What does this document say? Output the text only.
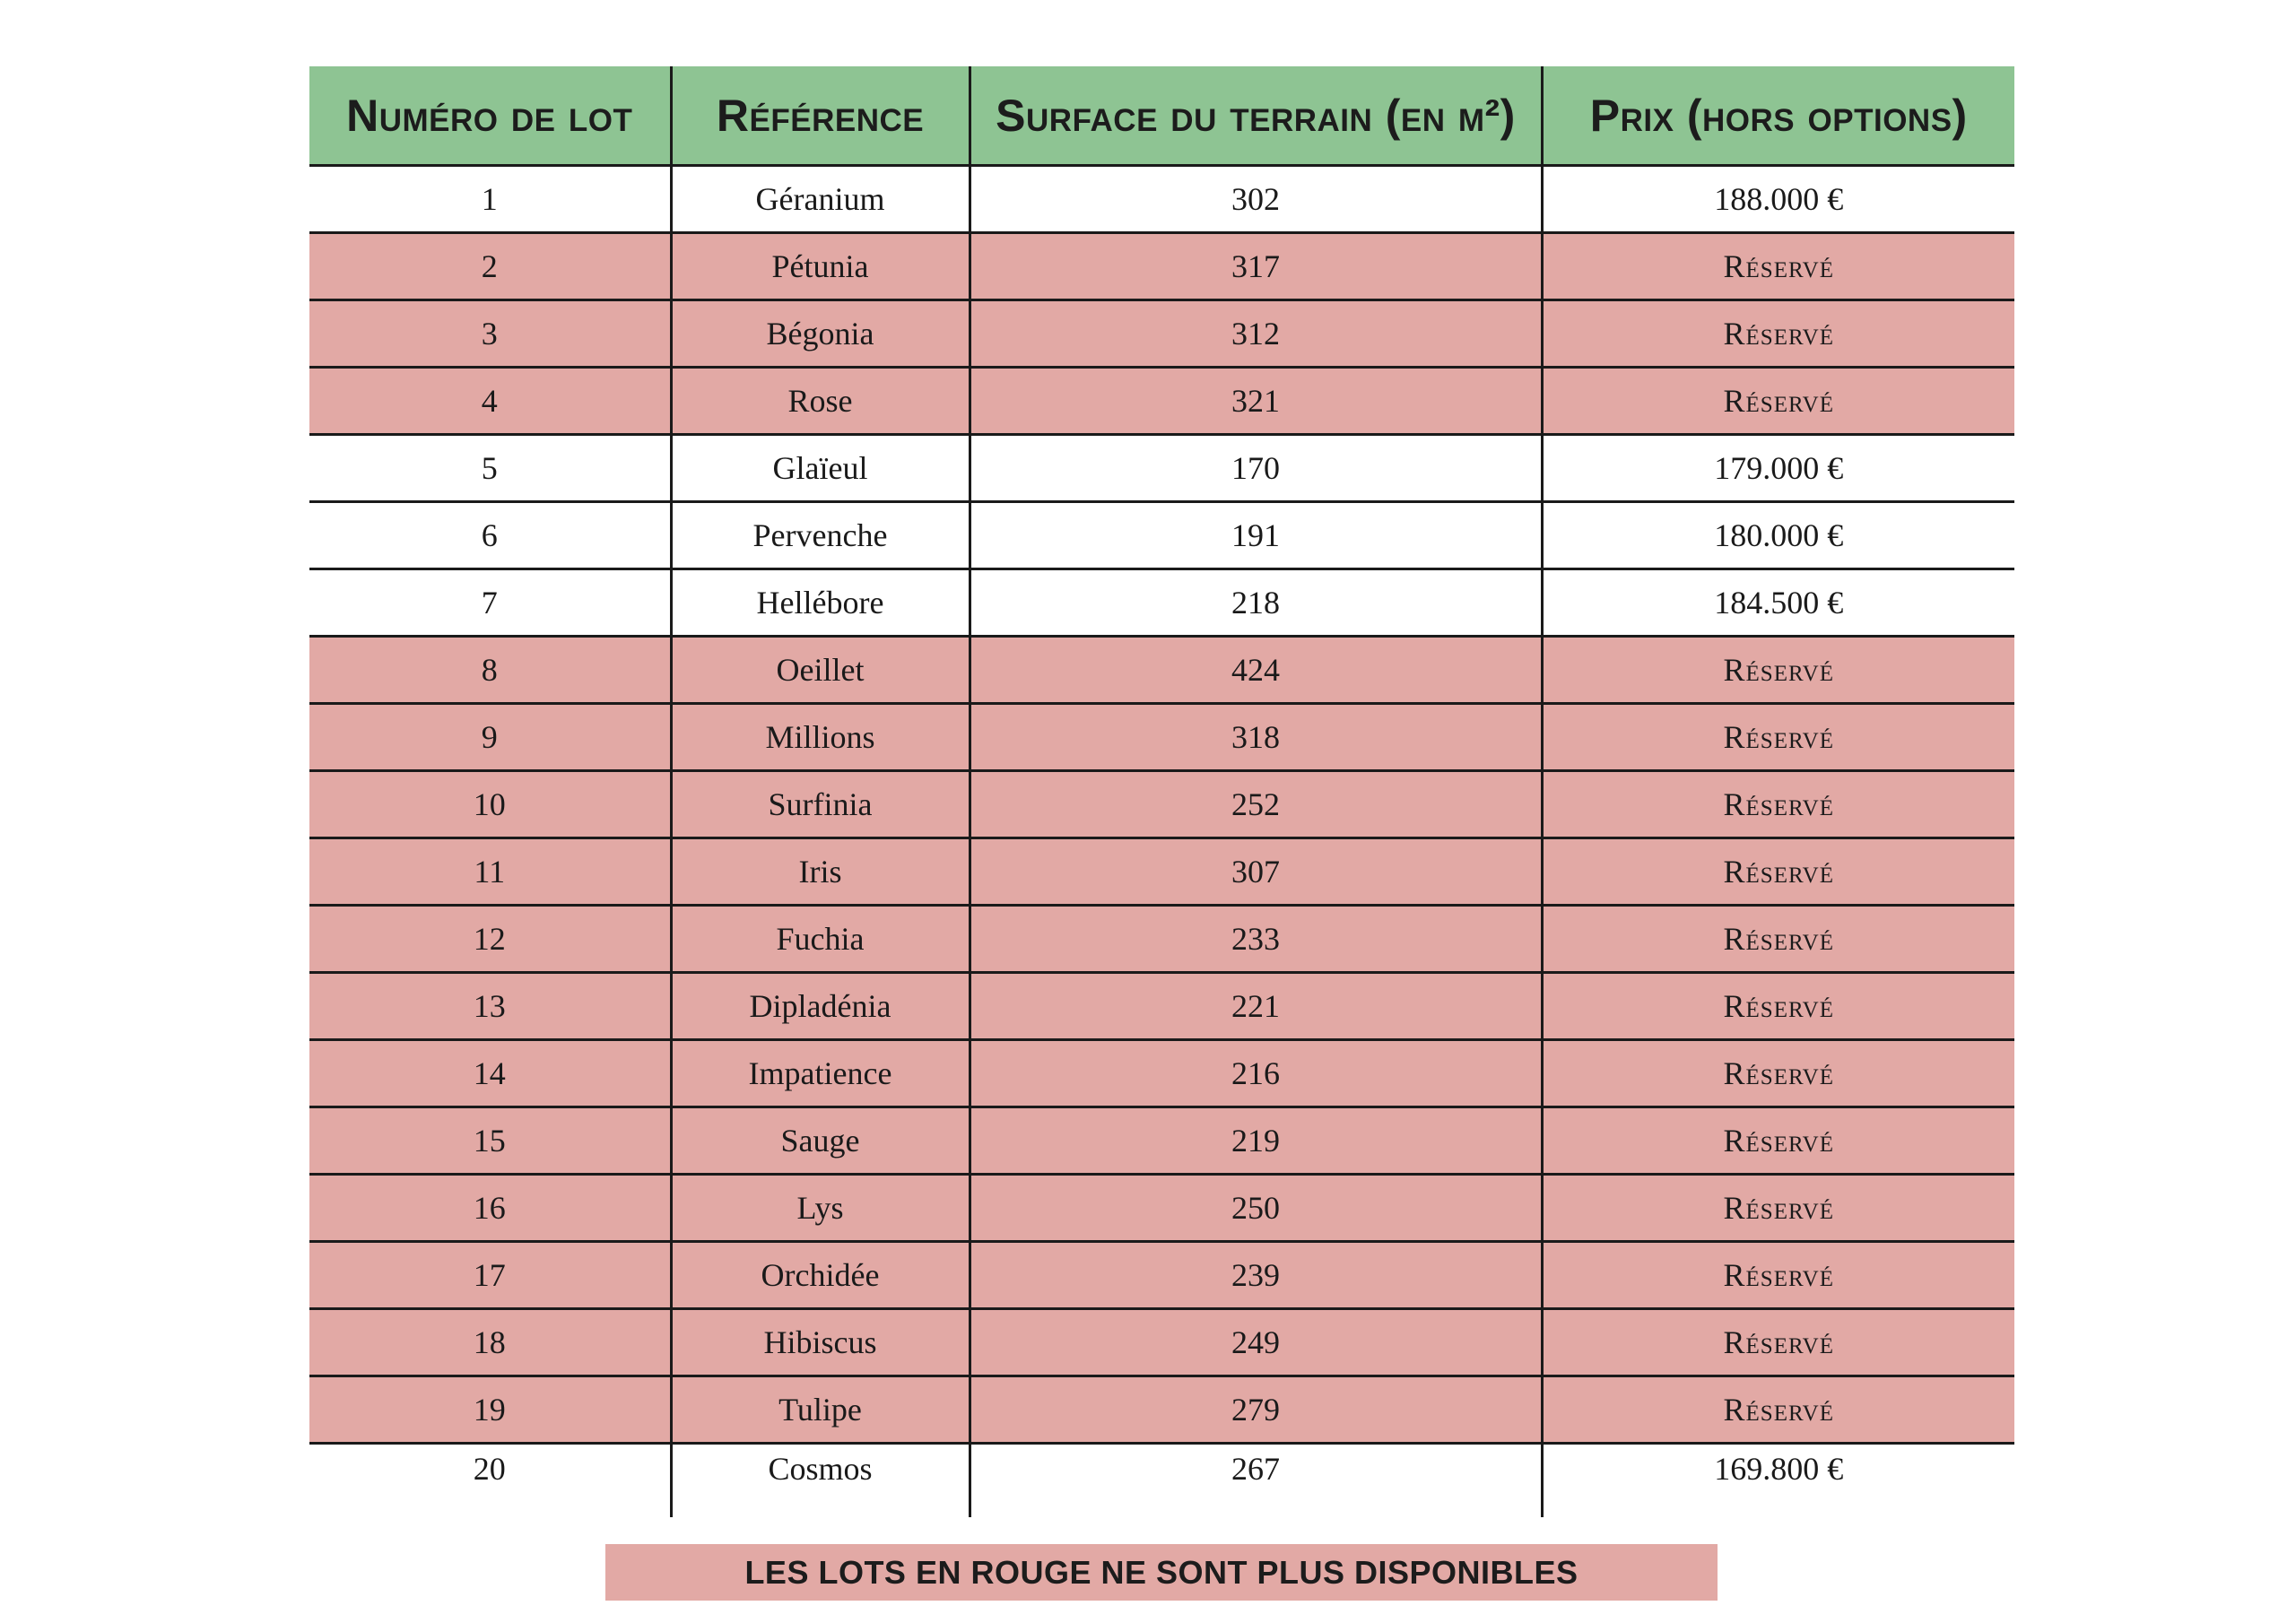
Numéro de lot	Référence	Surface du terrain (en m²)	Prix (hors options)
1	Géranium	302	188.000 €
2	Pétunia	317	Réservé
3	Bégonia	312	Réservé
4	Rose	321	Réservé
5	Glaïeul	170	179.000 €
6	Pervenche	191	180.000 €
7	Hellébore	218	184.500 €
8	Oeillet	424	Réservé
9	Millions	318	Réservé
10	Surfinia	252	Réservé
11	Iris	307	Réservé
12	Fuchia	233	Réservé
13	Dipladénia	221	Réservé
14	Impatience	216	Réservé
15	Sauge	219	Réservé
16	Lys	250	Réservé
17	Orchidée	239	Réservé
18	Hibiscus	249	Réservé
19	Tulipe	279	Réservé
20	Cosmos	267	169.800 €
LES LOTS EN ROUGE NE SONT PLUS DISPONIBLES
